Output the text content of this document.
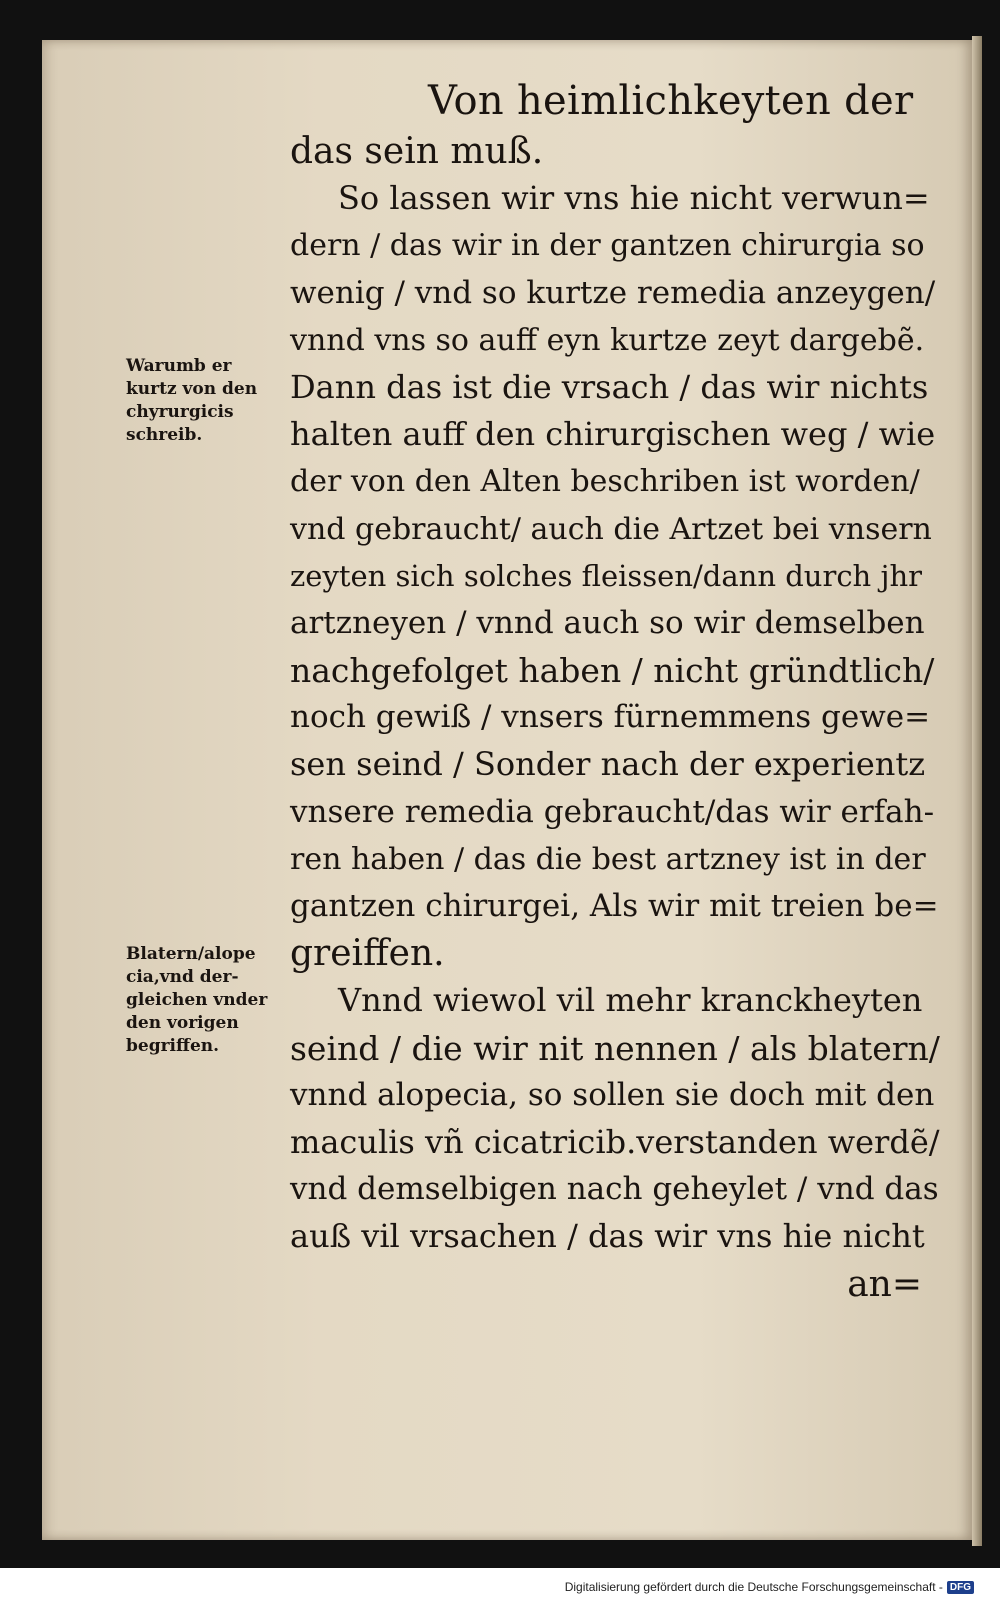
Von heimlichkeyten der
Warumb er
kurtz von den
chyrurgicis
schreib.
Blatern/alope
cia,vnd der-
gleichen vnder
den vorigen
begriffen.
das sein muß.
So lassen wir vns hie nicht verwun=
dern / das wir in der gantzen chirurgia so
wenig / vnd so kurtze remedia anzeygen/
vnnd vns so auff eyn kurtze zeyt dargebẽ.
Dann das ist die vrsach / das wir nichts
halten auff den chirurgischen weg / wie
der von den Alten beschriben ist worden/
vnd gebraucht/ auch die Artzet bei vnsern
zeyten sich solches fleissen/dann durch jhr
artzneyen / vnnd auch so wir demselben
nachgefolget haben / nicht gründtlich/
noch gewiß / vnsers fürnemmens gewe=
sen seind / Sonder nach der experientz
vnsere remedia gebraucht/das wir erfah-
ren haben / das die best artzney ist in der
gantzen chirurgei, Als wir mit treien be=
greiffen.
Vnnd wiewol vil mehr kranckheyten
seind / die wir nit nennen / als blatern/
vnnd alopecia, so sollen sie doch mit den
maculis vñ cicatricib.verstanden werdẽ/
vnd demselbigen nach geheylet / vnd das
auß vil vrsachen / das wir vns hie nicht
an=
Digitalisierung gefördert durch die Deutsche Forschungsgemeinschaft - DFG
